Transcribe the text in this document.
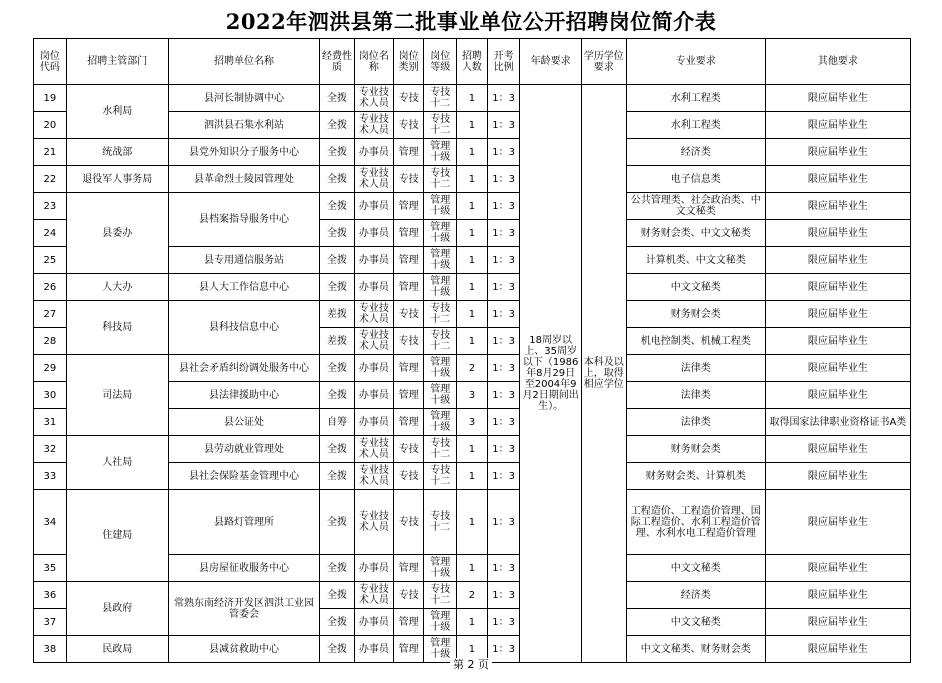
2022年泗洪县第二批事业单位公开招聘岗位简介表
岗位代码	招聘主管部门	招聘单位名称	经费性质	岗位名称	岗位类别	岗位等级	招聘人数	开考比例	年龄要求	学历学位要求	专业要求	其他要求
19	水利局	县河长制协调中心	全拨	专业技术人员	专技	专技十二	1	1：3	18周岁以上、35周岁以下（1986年8月29日至2004年9月2日期间出生）。	本科及以上，取得相应学位	水利工程类	限应届毕业生
20		泗洪县石集水利站	全拨	专业技术人员	专技	专技十二	1	1：3			水利工程类	限应届毕业生
21	统战部	县党外知识分子服务中心	全拨	办事员	管理	管理十级	1	1：3			经济类	限应届毕业生
22	退役军人事务局	县革命烈士陵园管理处	全拨	专业技术人员	专技	专技十二	1	1：3			电子信息类	限应届毕业生
23	县委办	县档案指导服务中心	全拨	办事员	管理	管理十级	1	1：3			公共管理类、社会政治类、中文文秘类	限应届毕业生
24			全拨	办事员	管理	管理十级	1	1：3			财务财会类、中文文秘类	限应届毕业生
25		县专用通信服务站	全拨	办事员	管理	管理十级	1	1：3			计算机类、中文文秘类	限应届毕业生
26	人大办	县人大工作信息中心	全拨	办事员	管理	管理十级	1	1：3			中文文秘类	限应届毕业生
27	科技局	县科技信息中心	差拨	专业技术人员	专技	专技十二	1	1：3			财务财会类	限应届毕业生
28			差拨	专业技术人员	专技	专技十二	1	1：3			机电控制类、机械工程类	限应届毕业生
29	司法局	县社会矛盾纠纷调处服务中心	全拨	办事员	管理	管理十级	2	1：3			法律类	限应届毕业生
30		县法律援助中心	全拨	办事员	管理	管理十级	3	1：3			法律类	限应届毕业生
31		县公证处	自筹	办事员	管理	管理十级	3	1：3			法律类	取得国家法律职业资格证书A类
32	人社局	县劳动就业管理处	全拨	专业技术人员	专技	专技十二	1	1：3			财务财会类	限应届毕业生
33		县社会保险基金管理中心	全拨	专业技术人员	专技	专技十二	1	1：3			财务财会类、计算机类	限应届毕业生
34	住建局	县路灯管理所	全拨	专业技术人员	专技	专技十二	1	1：3			工程造价、工程造价管理、国际工程造价、水利工程造价管理、水利水电工程造价管理	限应届毕业生
35		县房屋征收服务中心	全拨	办事员	管理	管理十级	1	1：3			中文文秘类	限应届毕业生
36	县政府	常熟东南经济开发区泗洪工业园管委会	全拨	专业技术人员	专技	专技十二	2	1：3			经济类	限应届毕业生
37			全拨	办事员	管理	管理十级	1	1：3			中文文秘类	限应届毕业生
38	民政局	县减贫救助中心	全拨	办事员	管理	管理十级	1	1：3			中文文秘类、财务财会类	限应届毕业生
第 2 页
